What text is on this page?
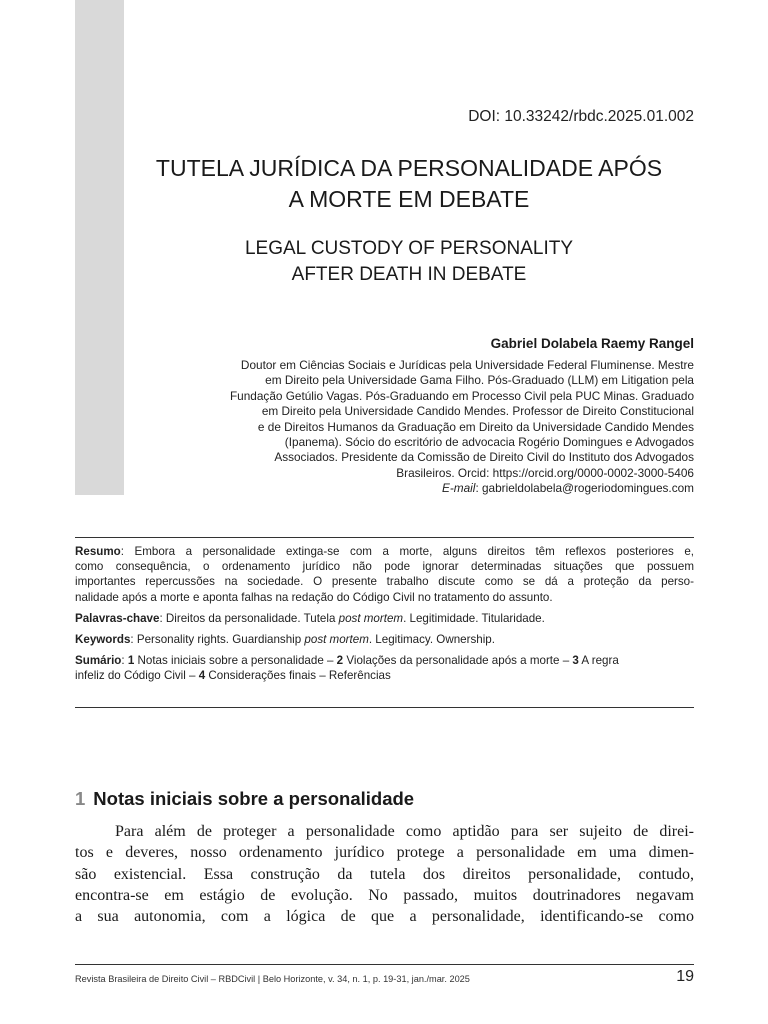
DOI: 10.33242/rbdc.2025.01.002
TUTELA JURÍDICA DA PERSONALIDADE APÓS
A MORTE EM DEBATE
LEGAL CUSTODY OF PERSONALITY
AFTER DEATH IN DEBATE
Gabriel Dolabela Raemy Rangel
Doutor em Ciências Sociais e Jurídicas pela Universidade Federal Fluminense. Mestre
em Direito pela Universidade Gama Filho. Pós-Graduado (LLM) em Litigation pela
Fundação Getúlio Vagas. Pós-Graduando em Processo Civil pela PUC Minas. Graduado
em Direito pela Universidade Candido Mendes. Professor de Direito Constitucional
e de Direitos Humanos da Graduação em Direito da Universidade Candido Mendes
(Ipanema). Sócio do escritório de advocacia Rogério Domingues e Advogados
Associados. Presidente da Comissão de Direito Civil do Instituto dos Advogados
Brasileiros. Orcid: https://orcid.org/0000-0002-3000-5406
E-mail: gabrieldolabela@rogeriodomingues.com

Resumo: Embora a personalidade extinga-se com a morte, alguns direitos têm reflexos posteriores e,
como consequência, o ordenamento jurídico não pode ignorar determinadas situações que possuem
importantes repercussões na sociedade. O presente trabalho discute como se dá a proteção da perso-
nalidade após a morte e aponta falhas na redação do Código Civil no tratamento do assunto.

Palavras-chave: Direitos da personalidade. Tutela post mortem. Legitimidade. Titularidade.

Keywords: Personality rights. Guardianship post mortem. Legitimacy. Ownership.

Sumário: 1 Notas iniciais sobre a personalidade – 2 Violações da personalidade após a morte – 3 A regra
infeliz do Código Civil – 4 Considerações finais – Referências

1 Notas iniciais sobre a personalidade
Para além de proteger a personalidade como aptidão para ser sujeito de direi-
tos e deveres, nosso ordenamento jurídico protege a personalidade em uma dimen-
são existencial. Essa construção da tutela dos direitos personalidade, contudo,
encontra-se em estágio de evolução. No passado, muitos doutrinadores negavam
a sua autonomia, com a lógica de que a personalidade, identificando-se como
Revista Brasileira de Direito Civil – RBDCivil | Belo Horizonte, v. 34, n. 1, p. 19-31, jan./mar. 2025	19
